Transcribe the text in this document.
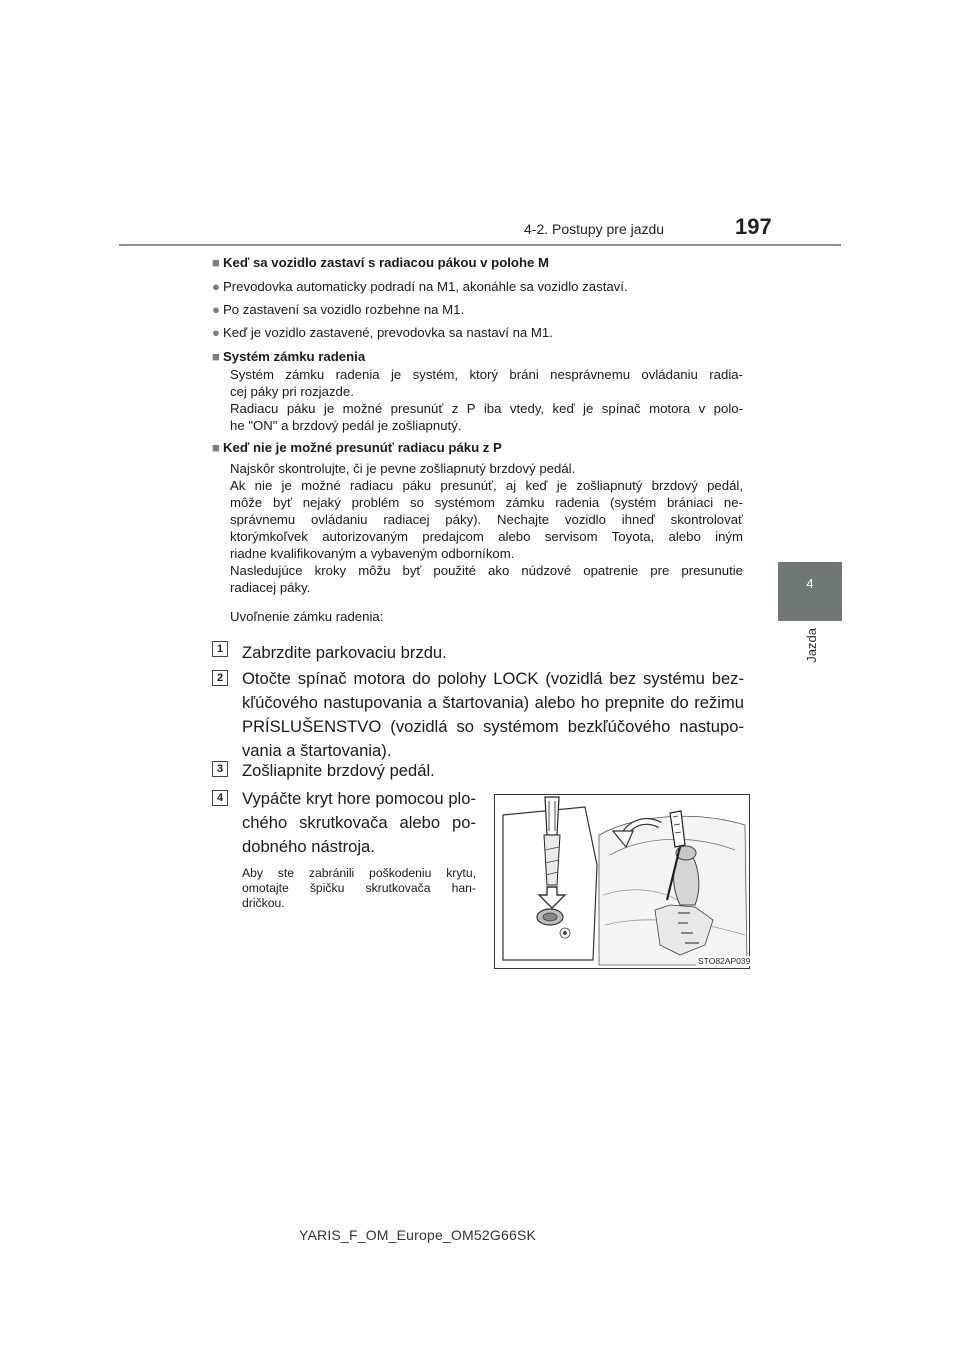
4-2. Postupy pre jazdu	197
4
Jazda
■ Keď sa vozidlo zastaví s radiacou pákou v polohe M
● Prevodovka automaticky podradí na M1, akonáhle sa vozidlo zastaví.
● Po zastavení sa vozidlo rozbehne na M1.
● Keď je vozidlo zastavené, prevodovka sa nastaví na M1.
■ Systém zámku radenia
Systém zámku radenia je systém, ktorý bráni nesprávnemu ovládaniu radia-
cej páky pri rozjazde.
Radiacu páku je možné presunúť z P iba vtedy, keď je spínač motora v polo-
he "ON" a brzdový pedál je zošliapnutý.
■ Keď nie je možné presunúť radiacu páku z P
Najskôr skontrolujte, či je pevne zošliapnutý brzdový pedál.
Ak nie je možné radiacu páku presunúť, aj keď je zošliapnutý brzdový pedál,
môže byť nejaký problém so systémom zámku radenia (systém brániaci ne-
správnemu ovládaniu radiacej páky). Nechajte vozidlo ihneď skontrolovať
ktorýmkoľvek autorizovaným predajcom alebo servisom Toyota, alebo iným
riadne kvalifikovaným a vybaveným odborníkom.
Nasledujúce kroky môžu byť použité ako núdzové opatrenie pre presunutie
radiacej páky.
Uvoľnenie zámku radenia:
1 Zabrzdite parkovaciu brzdu.
2 Otočte spínač motora do polohy LOCK (vozidlá bez systému bez-
kľúčového nastupovania a štartovania) alebo ho prepnite do režimu
PRÍSLUŠENSTVO (vozidlá so systémom bezkľúčového nastupo-
vania a štartovania).
3 Zošliapnite brzdový pedál.
4 Vypáčte kryt hore pomocou plo-
chého skrutkovača alebo po-
dobného nástroja.
Aby ste zabránili poškodeniu krytu,
omotajte špičku skrutkovača han-
dričkou.
STO82AP039
YARIS_F_OM_Europe_OM52G66SK
